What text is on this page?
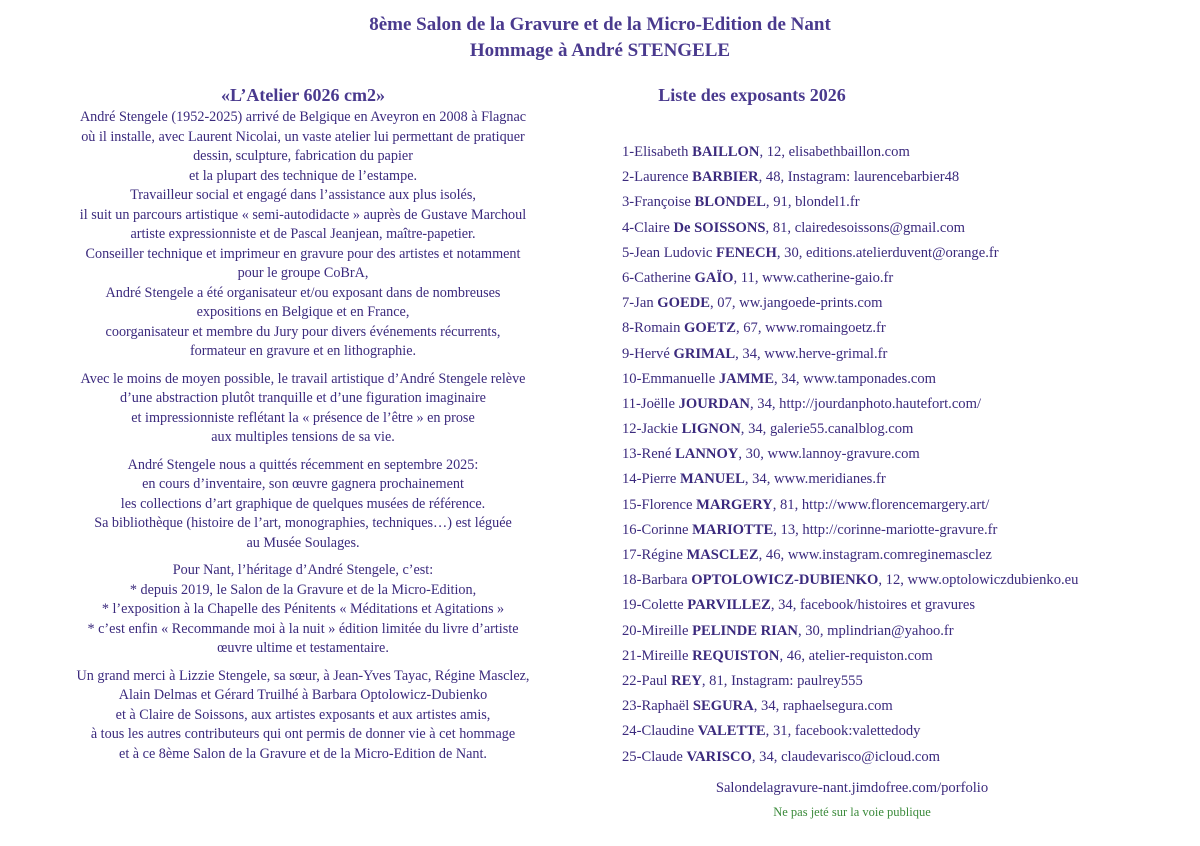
8ème Salon de la Gravure et de la Micro-Edition de Nant
Hommage à André STENGELE
«L’Atelier 6026 cm2»
André Stengele (1952-2025) arrivé de Belgique en Aveyron en 2008 à Flagnac
où il installe, avec Laurent Nicolai, un vaste atelier lui permettant de pratiquer
dessin, sculpture, fabrication du papier
et la plupart des technique de l’estampe.
Travailleur social et engagé dans l’assistance aux plus isolés,
il suit un parcours artistique « semi-autodidacte » auprès de Gustave Marchoul
artiste expressionniste et de Pascal Jeanjean, maître-papetier.
Conseiller technique et imprimeur en gravure pour des artistes et notamment
pour le groupe CoBrA,
André Stengele a été organisateur et/ou exposant dans de nombreuses
expositions en Belgique et en France,
coorganisateur et membre du Jury pour divers événements récurrents,
formateur en gravure et en lithographie.
Avec le moins de moyen possible, le travail artistique d’André Stengele relève
d’une abstraction plutôt tranquille et d’une figuration imaginaire
et impressionniste reflétant la « présence de l’être » en prose
aux multiples tensions de sa vie.
André Stengele nous a quittés récemment en septembre 2025:
en cours d’inventaire, son œuvre gagnera prochainement
les collections d’art graphique de quelques musées de référence.
Sa bibliothèque (histoire de l’art, monographies, techniques…) est léguée
au Musée Soulages.
Pour Nant, l’héritage d’André Stengele, c’est:
* depuis 2019, le Salon de la Gravure et de la Micro-Edition,
* l’exposition à la Chapelle des Pénitents « Méditations et Agitations »
* c’est enfin « Recommande moi à la nuit » édition limitée du livre d’artiste
œuvre ultime et testamentaire.
Un grand merci à Lizzie Stengele, sa sœur, à Jean-Yves Tayac, Régine Masclez,
Alain Delmas et Gérard Truilhé à Barbara Optolowicz-Dubienko
et à Claire de Soissons, aux artistes exposants et aux artistes amis,
à tous les autres contributeurs qui ont permis de donner vie à cet hommage
et à ce 8ème Salon de la Gravure et de la Micro-Edition de Nant.
Liste des exposants 2026
1-Elisabeth BAILLON, 12, elisabethbaillon.com
2-Laurence BARBIER, 48, Instagram: laurencebarbier48
3-Françoise BLONDEL, 91, blondel1.fr
4-Claire De SOISSONS, 81, clairedesoissons@gmail.com
5-Jean Ludovic FENECH, 30, editions.atelierduvent@orange.fr
6-Catherine GAÏO, 11, www.catherine-gaio.fr
7-Jan GOEDE, 07, ww.jangoede-prints.com
8-Romain GOETZ, 67, www.romaingoetz.fr
9-Hervé GRIMAL, 34, www.herve-grimal.fr
10-Emmanuelle JAMME, 34, www.tamponades.com
11-Joëlle JOURDAN, 34, http://jourdanphoto.hautefort.com/
12-Jackie LIGNON, 34, galerie55.canalblog.com
13-René LANNOY, 30, www.lannoy-gravure.com
14-Pierre MANUEL, 34, www.meridianes.fr
15-Florence MARGERY, 81, http://www.florencemargery.art/
16-Corinne MARIOTTE, 13, http://corinne-mariotte-gravure.fr
17-Régine MASCLEZ, 46, www.instagram.comreginemasclez
18-Barbara OPTOLOWICZ-DUBIENKO, 12, www.optolowiczdubienko.eu
19-Colette PARVILLEZ, 34, facebook/histoires et gravures
20-Mireille PELINDE RIAN, 30, mplindrian@yahoo.fr
21-Mireille REQUISTON, 46, atelier-requiston.com
22-Paul REY, 81, Instagram: paulrey555
23-Raphaël SEGURA, 34, raphaelsegura.com
24-Claudine VALETTE, 31, facebook:valettedody
25-Claude VARISCO, 34, claudevarisco@icloud.com
Salondelagravure-nant.jimdofree.com/porfolio
Ne pas jeté sur la voie publique
